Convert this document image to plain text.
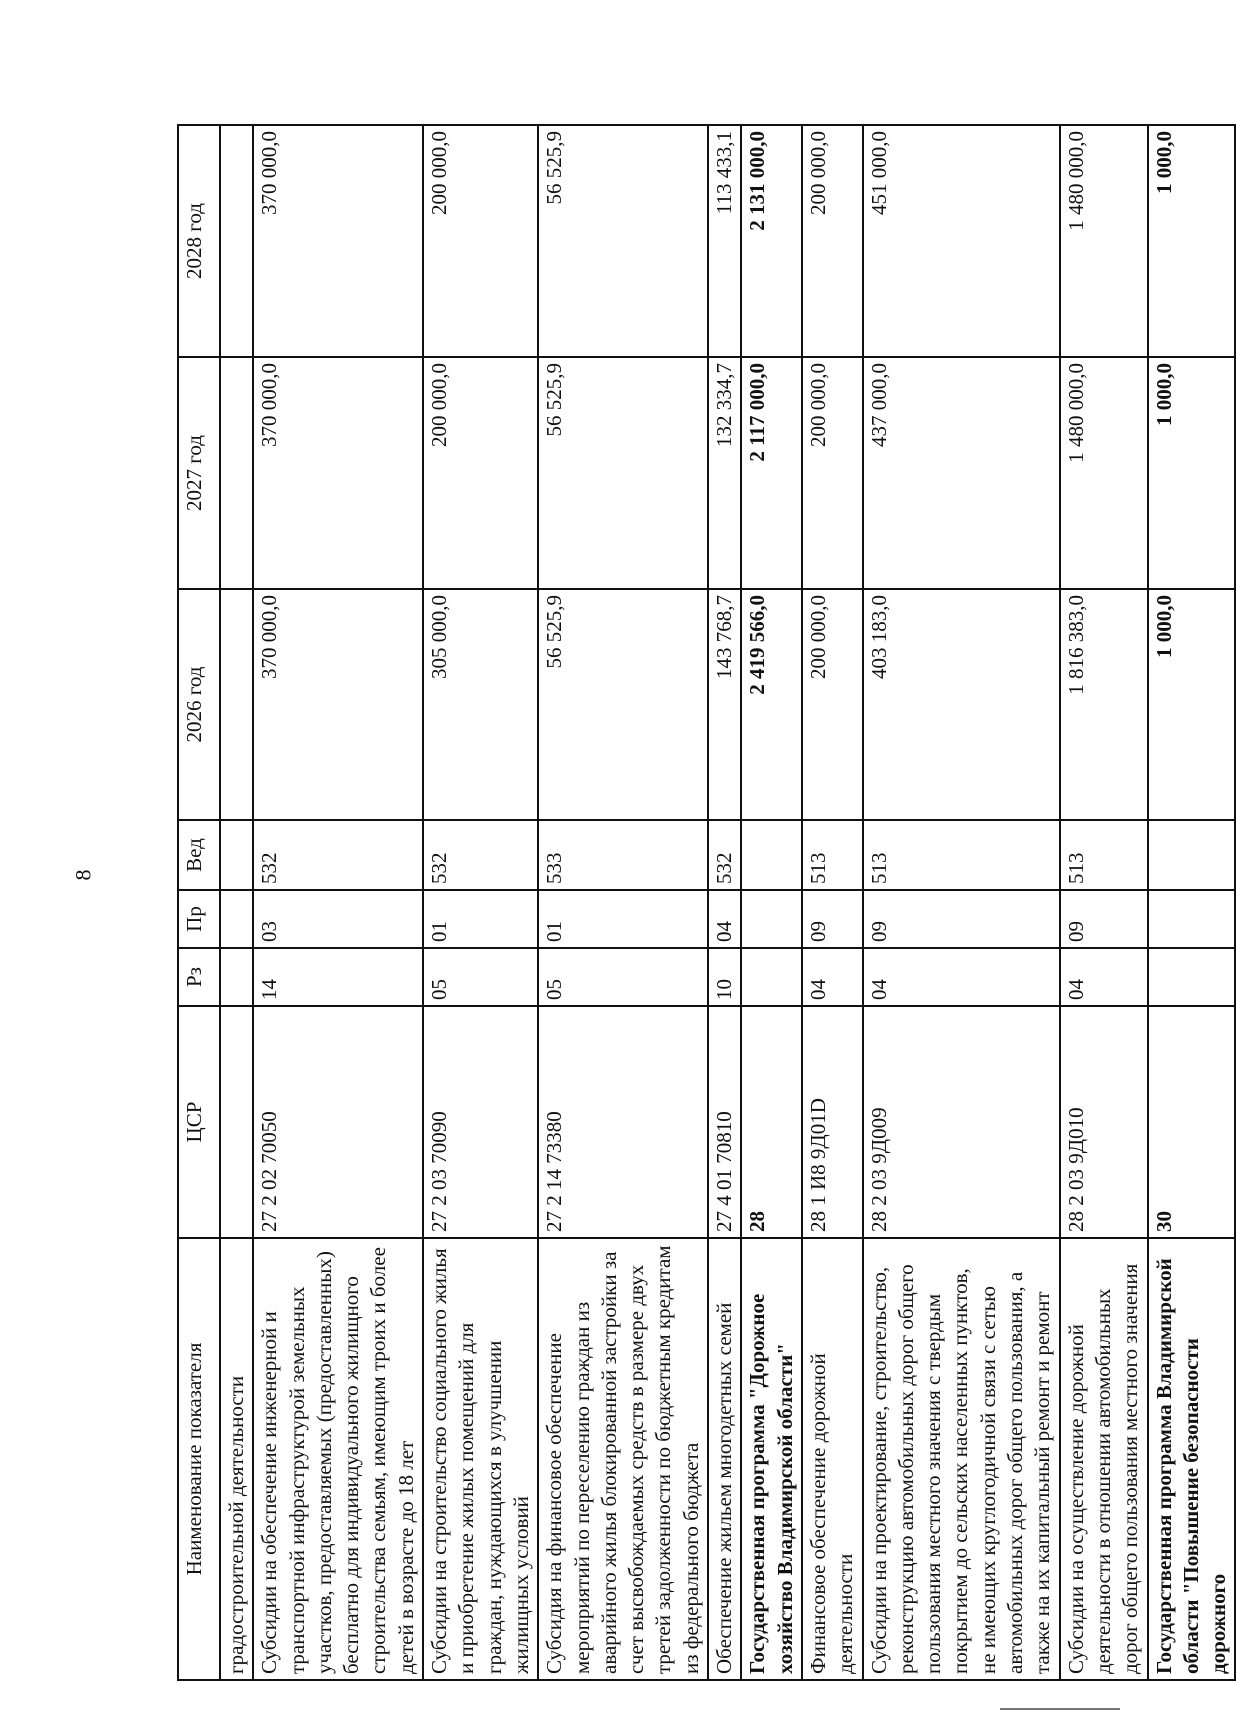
8
Наименование показателя	ЦСР	Рз	Пр	Вед	2026 год	2027 год	2028 год
градостроительной деятельности							
Субсидии на обеспечение инженерной и транспортной инфраструктурой земельных участков, предоставляемых (предоставленных) бесплатно для индивидуального жилищного строительства семьям, имеющим троих и более детей в возрасте до 18 лет	27 2 02 70050	14	03	532	370 000,0	370 000,0	370 000,0
Субсидии на строительство социального жилья и приобретение жилых помещений для граждан, нуждающихся в улучшении жилищных условий	27 2 03 70090	05	01	532	305 000,0	200 000,0	200 000,0
Субсидия на финансовое обеспечение мероприятий по переселению граждан из аварийного жилья блокированной застройки за счет высвобождаемых средств в размере двух третей задолженности по бюджетным кредитам из федерального бюджета	27 2 14 73380	05	01	533	56 525,9	56 525,9	56 525,9
Обеспечение жильем многодетных семей	27 4 01 70810	10	04	532	143 768,7	132 334,7	113 433,1
Государственная программа "Дорожное хозяйство Владимирской области"	28				2 419 566,0	2 117 000,0	2 131 000,0
Финансовое обеспечение дорожной деятельности	28 1 И8 9Д01D	04	09	513	200 000,0	200 000,0	200 000,0
Субсидии на проектирование, строительство, реконструкцию автомобильных дорог общего пользования местного значения с твердым покрытием до сельских населенных пунктов, не имеющих круглогодичной связи с сетью автомобильных дорог общего пользования, а также на их капитальный ремонт и ремонт	28 2 03 9Д009	04	09	513	403 183,0	437 000,0	451 000,0
Субсидии на осуществление дорожной деятельности в отношении автомобильных дорог общего пользования местного значения	28 2 03 9Д010	04	09	513	1 816 383,0	1 480 000,0	1 480 000,0
Государственная программа Владимирской области "Повышение безопасности дорожного	30				1 000,0	1 000,0	1 000,0
